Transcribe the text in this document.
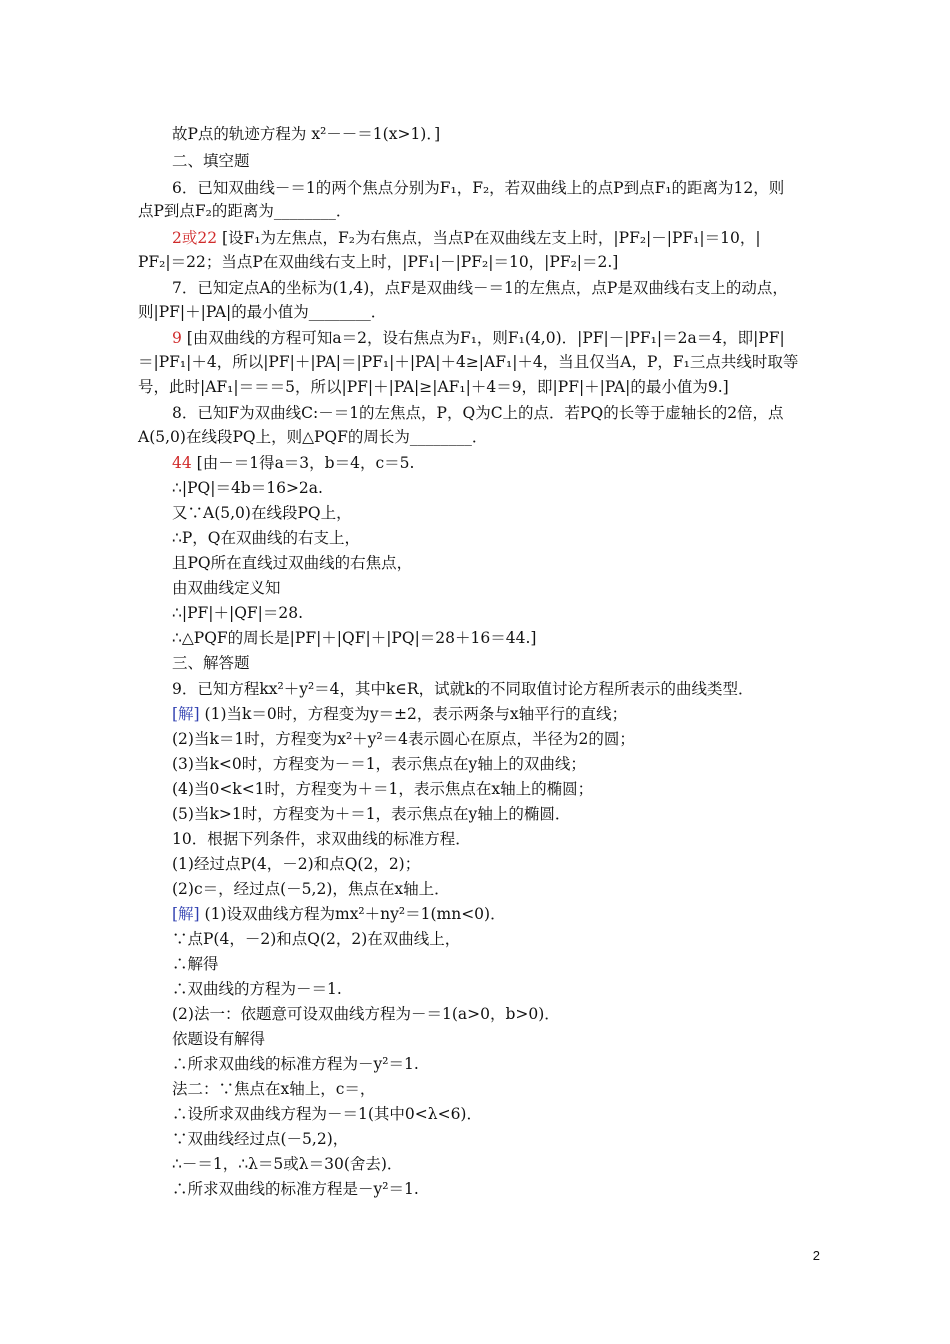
故P点的轨迹方程为 x²－－＝1(x>1)．]
二、填空题
6．已知双曲线－＝1的两个焦点分别为F₁，F₂，若双曲线上的点P到点F₁的距离为12，则
点P到点F₂的距离为________．
2或22 [设F₁为左焦点，F₂为右焦点，当点P在双曲线左支上时，|PF₂|－|PF₁|＝10，|
PF₂|＝22；当点P在双曲线右支上时，|PF₁|－|PF₂|＝10，|PF₂|＝2.]
7．已知定点A的坐标为(1,4)，点F是双曲线－＝1的左焦点，点P是双曲线右支上的动点，
则|PF|＋|PA|的最小值为________．
9 [由双曲线的方程可知a＝2，设右焦点为F₁，则F₁(4,0)．|PF|－|PF₁|＝2a＝4，即|PF|
＝|PF₁|＋4，所以|PF|＋|PA|＝|PF₁|＋|PA|＋4≥|AF₁|＋4，当且仅当A，P，F₁三点共线时取等
号，此时|AF₁|＝＝＝5，所以|PF|＋|PA|≥|AF₁|＋4＝9，即|PF|＋|PA|的最小值为9.]
8．已知F为双曲线C:－＝1的左焦点，P，Q为C上的点．若PQ的长等于虚轴长的2倍，点
A(5,0)在线段PQ上，则△PQF的周长为________．
44 [由－＝1得a＝3，b＝4，c＝5.
∴|PQ|＝4b＝16>2a.
又∵A(5,0)在线段PQ上，
∴P，Q在双曲线的右支上，
且PQ所在直线过双曲线的右焦点，
由双曲线定义知
∴|PF|＋|QF|＝28.
∴△PQF的周长是|PF|＋|QF|＋|PQ|＝28＋16＝44.]
三、解答题
9．已知方程kx²＋y²＝4，其中k∈R，试就k的不同取值讨论方程所表示的曲线类型．
[解] (1)当k＝0时，方程变为y＝±2，表示两条与x轴平行的直线；
(2)当k＝1时，方程变为x²＋y²＝4表示圆心在原点，半径为2的圆；
(3)当k<0时，方程变为－＝1，表示焦点在y轴上的双曲线；
(4)当0<k<1时，方程变为＋＝1，表示焦点在x轴上的椭圆；
(5)当k>1时，方程变为＋＝1，表示焦点在y轴上的椭圆．
10．根据下列条件，求双曲线的标准方程．
(1)经过点P(4，－2)和点Q(2，2)；
(2)c＝，经过点(－5,2)，焦点在x轴上．
[解] (1)设双曲线方程为mx²＋ny²＝1(mn<0)．
∵点P(4，－2)和点Q(2，2)在双曲线上，
∴解得
∴双曲线的方程为－＝1.
(2)法一：依题意可设双曲线方程为－＝1(a>0，b>0)．
依题设有解得
∴所求双曲线的标准方程为－y²＝1.
法二：∵焦点在x轴上，c＝，
∴设所求双曲线方程为－＝1(其中0<λ<6)．
∵双曲线经过点(－5,2)，
∴－＝1，∴λ＝5或λ＝30(舍去)．
∴所求双曲线的标准方程是－y²＝1.
2
